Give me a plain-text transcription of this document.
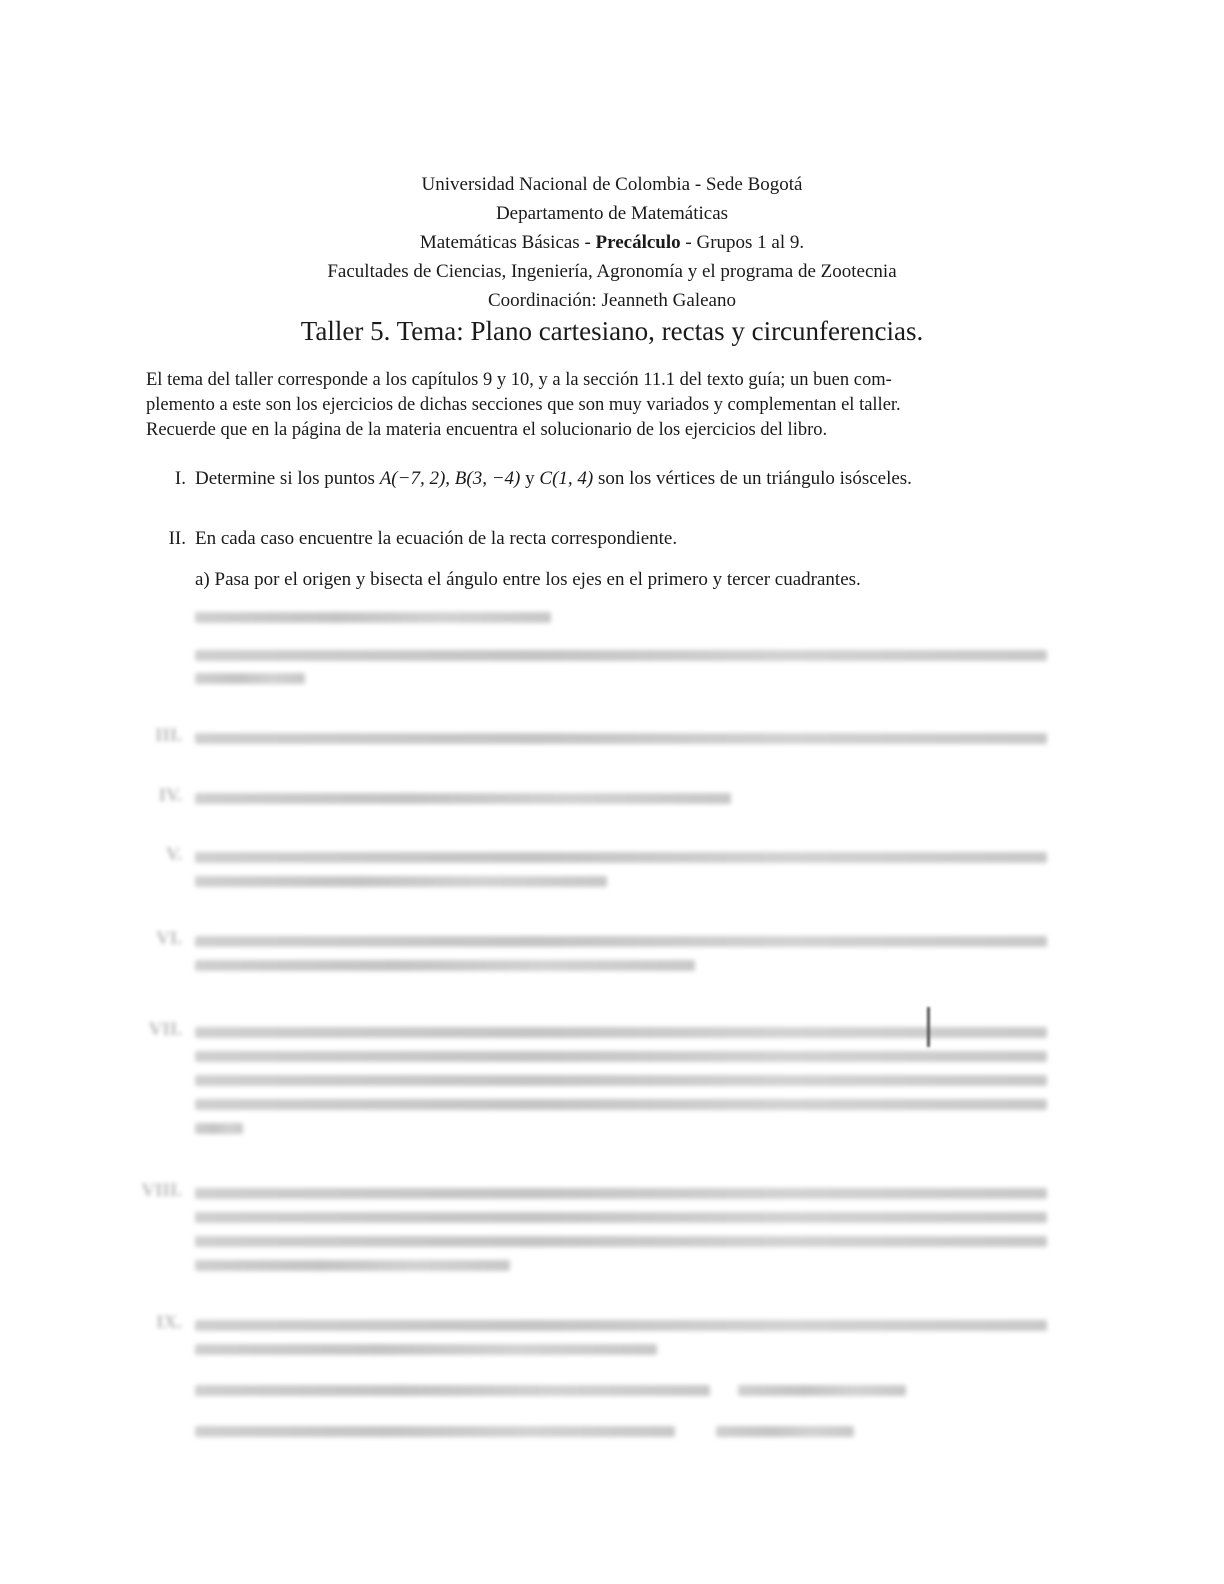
Universidad Nacional de Colombia - Sede Bogotá
Departamento de Matemáticas
Matemáticas Básicas - Precálculo - Grupos 1 al 9.
Facultades de Ciencias, Ingeniería, Agronomía y el programa de Zootecnia
Coordinación: Jeanneth Galeano
Taller 5. Tema: Plano cartesiano, rectas y circunferencias.
El tema del taller corresponde a los capítulos 9 y 10, y a la sección 11.1 del texto guía; un buen com-
plemento a este son los ejercicios de dichas secciones que son muy variados y complementan el taller.
Recuerde que en la página de la materia encuentra el solucionario de los ejercicios del libro.
I. Determine si los puntos A(−7, 2), B(3, −4) y C(1, 4) son los vértices de un triángulo isósceles.
II. En cada caso encuentre la ecuación de la recta correspondiente.
a) Pasa por el origen y bisecta el ángulo entre los ejes en el primero y tercer cuadrantes.
III.
IV.
V.
VI.
VII.
VIII.
IX.
